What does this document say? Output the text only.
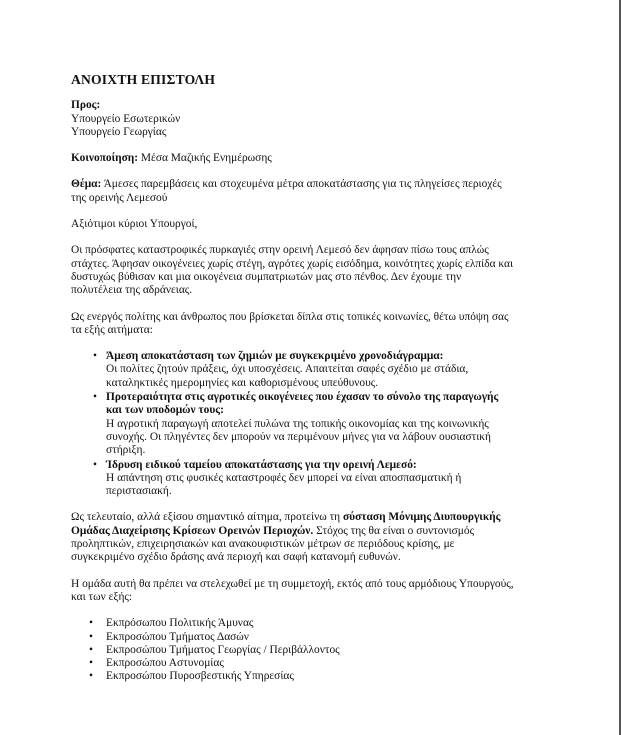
ΑΝΟΙΧΤΗ ΕΠΙΣΤΟΛΗ
Προς:
Υπουργείο Εσωτερικών
Υπουργείο Γεωργίας
Κοινοποίηση: Μέσα Μαζικής Ενημέρωσης
Θέμα: Άμεσες παρεμβάσεις και στοχευμένα μέτρα αποκατάστασης για τις πληγείσες περιοχές
της ορεινής Λεμεσού
Αξιότιμοι κύριοι Υπουργοί,
Οι πρόσφατες καταστροφικές πυρκαγιές στην ορεινή Λεμεσό δεν άφησαν πίσω τους απλώς
στάχτες. Άφησαν οικογένειες χωρίς στέγη, αγρότες χωρίς εισόδημα, κοινότητες χωρίς ελπίδα και
δυστυχώς βύθισαν και μια οικογένεια συμπατριωτών μας στο πένθος. Δεν έχουμε την
πολυτέλεια της αδράνειας.
Ως ενεργός πολίτης και άνθρωπος που βρίσκεται δίπλα στις τοπικές κοινωνίες, θέτω υπόψη σας
τα εξής αιτήματα:
• Άμεση αποκατάσταση των ζημιών με συγκεκριμένο χρονοδιάγραμμα:
Οι πολίτες ζητούν πράξεις, όχι υποσχέσεις. Απαιτείται σαφές σχέδιο με στάδια,
καταληκτικές ημερομηνίες και καθορισμένους υπεύθυνους.
• Προτεραιότητα στις αγροτικές οικογένειες που έχασαν το σύνολο της παραγωγής
και των υποδομών τους:
Η αγροτική παραγωγή αποτελεί πυλώνα της τοπικής οικονομίας και της κοινωνικής
συνοχής. Οι πληγέντες δεν μπορούν να περιμένουν μήνες για να λάβουν ουσιαστική
στήριξη.
• Ίδρυση ειδικού ταμείου αποκατάστασης για την ορεινή Λεμεσό:
Η απάντηση στις φυσικές καταστροφές δεν μπορεί να είναι αποσπασματική ή
περιστασιακή.
Ως τελευταίο, αλλά εξίσου σημαντικό αίτημα, προτείνω τη σύσταση Μόνιμης Διυπουργικής
Ομάδας Διαχείρισης Κρίσεων Ορεινών Περιοχών. Στόχος της θα είναι ο συντονισμός
προληπτικών, επιχειρησιακών και ανακουφιστικών μέτρων σε περιόδους κρίσης, με
συγκεκριμένο σχέδιο δράσης ανά περιοχή και σαφή κατανομή ευθυνών.
Η ομάδα αυτή θα πρέπει να στελεχωθεί με τη συμμετοχή, εκτός από τους αρμόδιους Υπουργούς,
και των εξής:
• Εκπρόσωπου Πολιτικής Άμυνας
• Εκπροσώπου Τμήματος Δασών
• Εκπροσώπου Τμήματος Γεωργίας / Περιβάλλοντος
• Εκπροσώπου Αστυνομίας
• Εκπροσώπου Πυροσβεστικής Υπηρεσίας
